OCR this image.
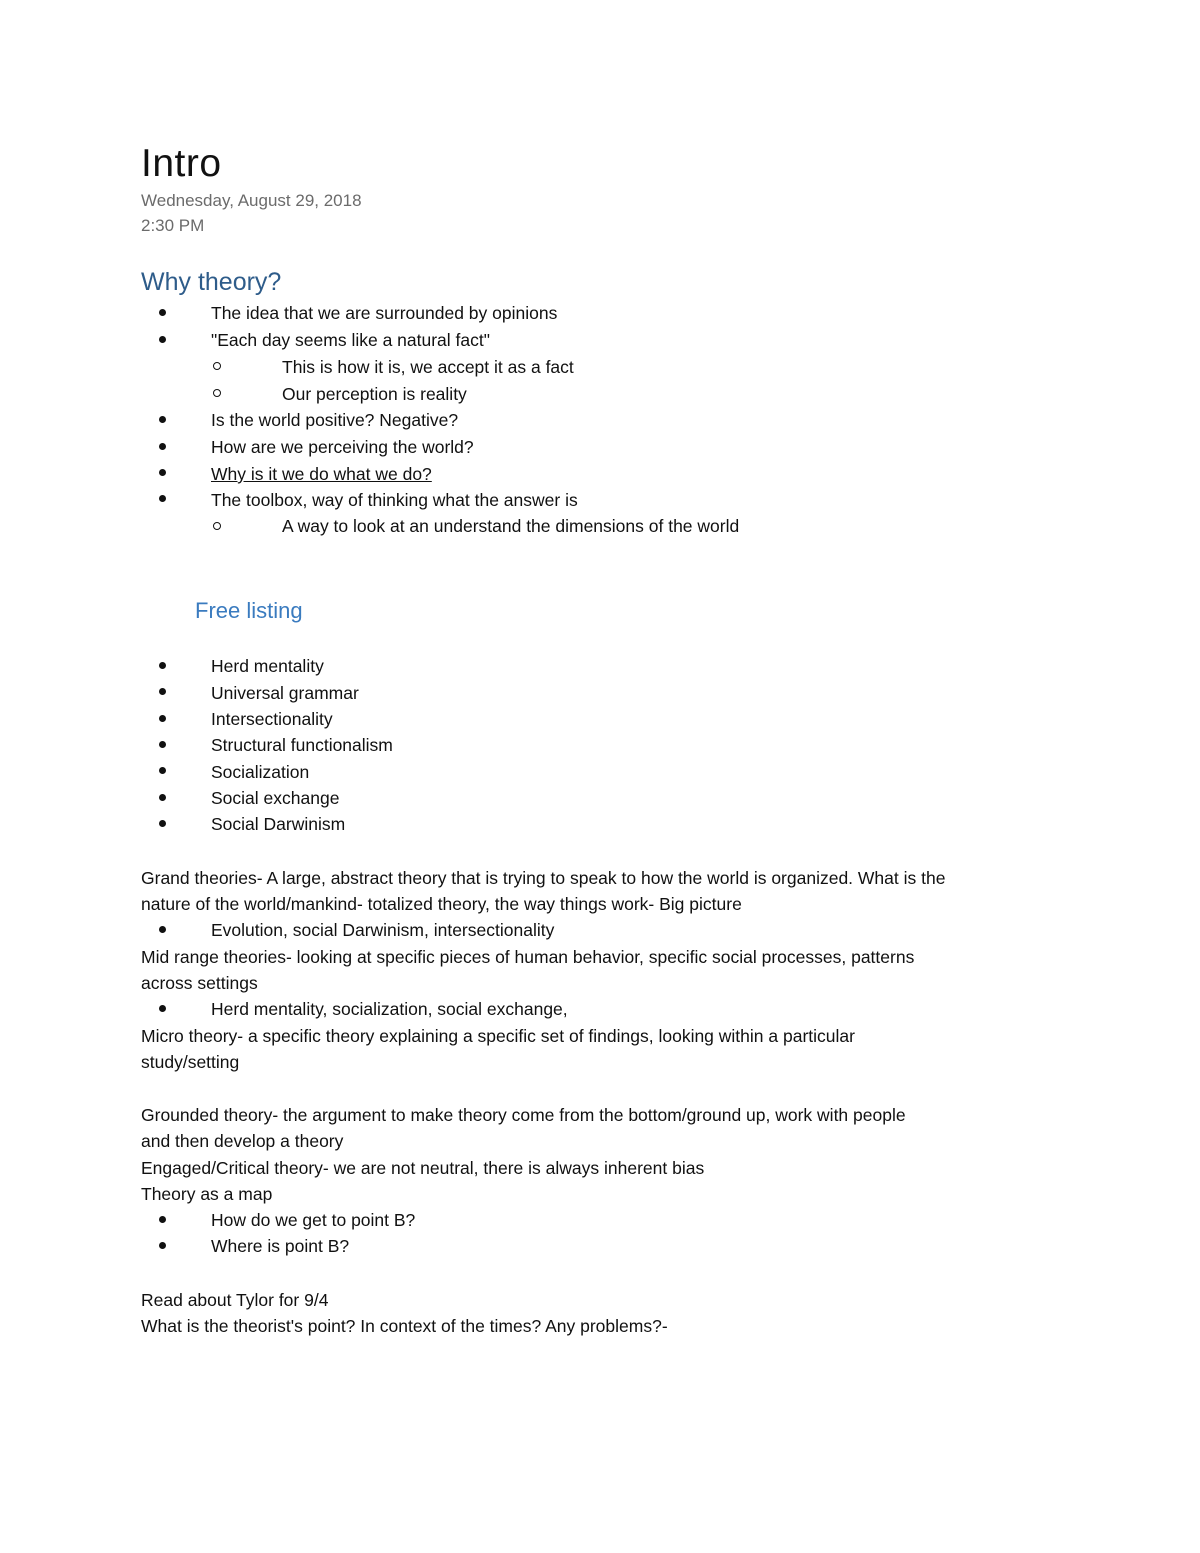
Intro
Wednesday, August 29, 2018
2:30 PM
Why theory?
The idea that we are surrounded by opinions
"Each day seems like a natural fact"
This is how it is, we accept it as a fact
Our perception is reality
Is the world positive? Negative?
How are we perceiving the world?
Why is it we do what we do?
The toolbox, way of thinking what the answer is
A way to look at an understand the dimensions of the world
Free listing
Herd mentality
Universal grammar
Intersectionality
Structural functionalism
Socialization
Social exchange
Social Darwinism
Grand theories- A large, abstract theory that is trying to speak to how the world is organized. What is the
nature of the world/mankind- totalized theory, the way things work- Big picture
Evolution, social Darwinism, intersectionality
Mid range theories- looking at specific pieces of human behavior, specific social processes, patterns
across settings
Herd mentality, socialization, social exchange,
Micro theory- a specific theory explaining a specific set of findings, looking within a particular
study/setting
Grounded theory- the argument to make theory come from the bottom/ground up, work with people
and then develop a theory
Engaged/Critical theory- we are not neutral, there is always inherent bias
Theory as a map
How do we get to point B?
Where is point B?
Read about Tylor for 9/4
What is the theorist's point? In context of the times? Any problems?-
